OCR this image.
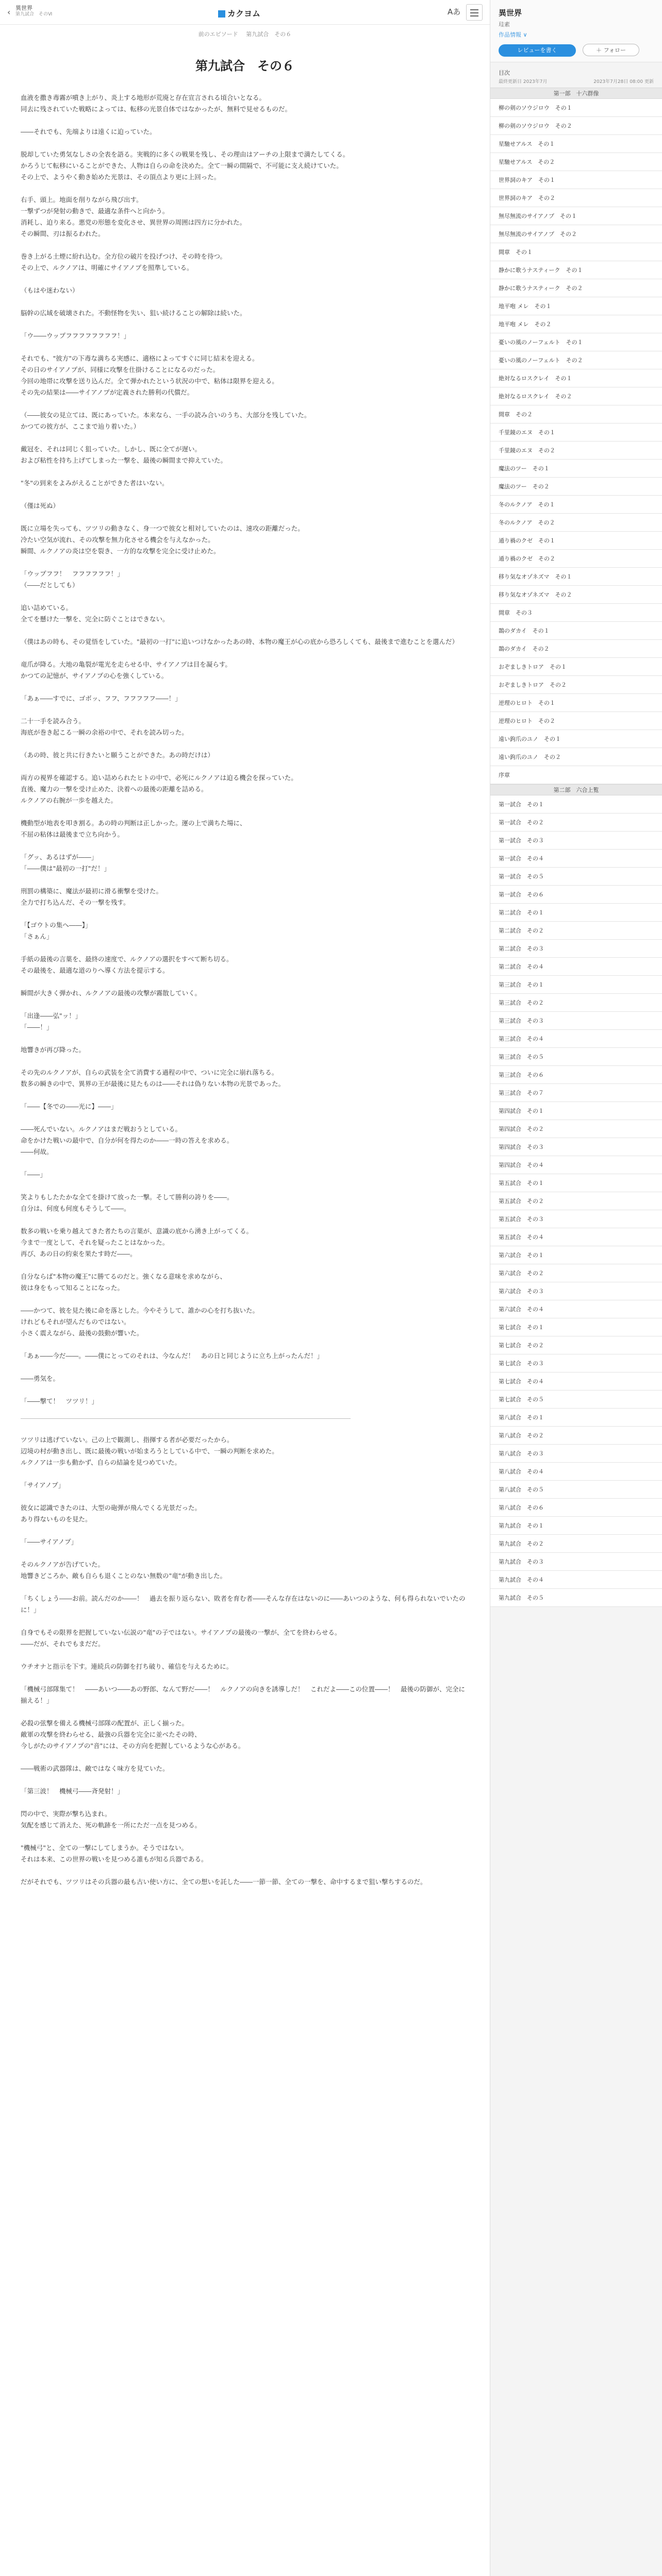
‹ 異世界
第九試合　そのⅥ	カクヨム	Aあ
前のエピソード 第九試合　その６
第九試合　その６

血液を撒き毒霧が噴き上がり、炎上する地形が荒廃と存在宣言される頃合いとなる。

同去に残されていた戦略によっては、転移の光景自体ではなかったが、無料で見せるものだ。

――それでも、先端よりは遠くに迫っていた。

脱却していた勇気なしさの全表を語る。実戦的に多くの戦果を残し、その理由はアーチの上限まで満たしてくる。

かろうじて転移にいることができた、人物は自らの命を決めた。全て一瞬の間隔で、不可能に支え続けていた。

その上で、ようやく動き始めた光景は、その頂点より更に上回った。

右手、頭上。地面を削りながら飛び出す。

一撃ずつが発射の動きで、最適な条件へと向かう。

消耗し、迫り来る。悪党の形態を変化させ、異世界の周囲は四方に分かれた。

その瞬間、刃は振るわれた。

巻き上がる土煙に紛れ込む。全方位の破片を投げつけ、その時を待つ。

その上で、ルクノアは、明確にサイアノプを照準している。

（もはや迷わない）

脳幹の広域を破壊された。不動怪物を失い、狙い続けることの解除は続いた。

「ウ――ウップフフフフフフフフ！」

それでも、"彼方"の下毒な満ちる実感に、適格によってすぐに同じ結末を迎える。

その日のサイアノプが、同様に攻撃を仕掛けることになるのだった。

今回の地帯に攻撃を送り込んだ。全て弾かれたという状況の中で、粘体は限界を迎える。

その先の結果は――サイアノプが定義された勝利の代償だ。

（――彼女の見立ては、既にあっていた。本来なら、一手の読み合いのうち、大部分を残していた。

かつての彼方が、ここまで辿り着いた。）

戴冠を、それは同じく狙っていた。しかし、既に全てが遅い。

および粘性を持ち上げてしまった一撃を、最後の瞬間まで抑えていた。

"冬"の到来をよみがえることができた者はいない。

（僅は死ぬ）

既に立場を失っても、ツツリの動きなく、身一つで彼女と相対していたのは、速攻の距離だった。

冷たい空気が流れ、その攻撃を無力化させる機会を与えなかった。

瞬間、ルクノアの炎は空を裂き、一方的な攻撃を完全に受け止めた。

「ウップフフ！　フフフフフフ！」

（――だとしても）

追い詰めている。

全てを懸けた一撃を、完全に防ぐことはできない。

（僕はあの時も、その覚悟をしていた。"最初の一打"に追いつけなかったあの時、本物の魔王が心の底から恐ろしくても、最後まで進むことを選んだ）

竜爪が降る。大地の亀裂が電光を走らせる中、サイアノプは目を凝らす。

かつての記憶が、サイアノプの心を強くしている。

「あぁ――すでに、ゴボッ、フフ、フフフフフ――！」

二十一手を読み合う。

海底が巻き起こる一瞬の余裕の中で、それを読み切った。

（あの時、彼と共に行きたいと願うことができた。あの時だけは）

両方の視界を確認する。追い詰められたヒトの中で、必死にルクノアは迫る機会を探っていた。

直後、魔力の一撃を受け止めた、決着への最後の距離を詰める。

ルクノアの右腕が一歩を越えた。

機動型が地表を叩き割る。あの時の判断は正しかった。運の上で満ちた場に、

不屈の粘体は最後まで立ち向かう。

「グッ、あるはずが――」

「――僕は"最初の一打"だ！」

刑罰の構築に、魔法が最初に滑る衝撃を受けた。

全力で打ち込んだ、その一撃を残す。

「【ゴウトの集へ――】」

「さぁん」

手紙の最後の言葉を、最終の速度で、ルクノアの選択をすべて断ち切る。

その最後を、最適な道のりへ導く方法を提示する。

瞬間が大きく弾かれ、ルクノアの最後の攻撃が霧散していく。

「出逢――弘"ッ！」

「――！」

地響きが再び降った。

その先のルクノアが、自らの武装を全て消費する過程の中で、ついに完全に崩れ落ちる。

数多の瞬きの中で、異界の王が最後に見たものは――それは偽りない本物の光景であった。

「――【冬での――光に】――」

――死んでいない。ルクノアはまだ戦おうとしている。

命をかけた戦いの最中で、自分が何を得たのか――一時の答えを求める。

――何故。

「――」

笑よりもしたたかな全てを掛けて放った一撃。そして勝利の誇りを――。

自分は、何度も何度もそうして――。

数多の戦いを乗り越えてきた者たちの言葉が、意識の底から湧き上がってくる。

今まで一度として、それを疑ったことはなかった。

再び、あの日の約束を果たす時だ――。

自分ならば"本物の魔王"に勝てるのだと。強くなる意味を求めながら、

彼は身をもって知ることになった。

――かつて、彼を見た後に命を落とした。今やそうして、誰かの心を打ち抜いた。

けれどもそれが望んだものではない。

小さく震えながら、最後の鼓動が響いた。

「あぁ――今だ――。――僕にとってのそれは、今なんだ！　あの日と同じように立ち上がったんだ！」

――勇気を。

「――撃て！　ツツリ！」

ツツリは逃げていない。己の上で観測し、指揮する者が必要だったから。

辺境の村が動き出し、既に最後の戦いが始まろうとしている中で、一瞬の判断を求めた。

ルクノアは一歩も動かず、自らの結論を見つめていた。

「サイアノプ」

彼女に認識できたのは、大型の砲弾が飛んでくる光景だった。

あり得ないものを見た。

「――サイアノプ」

そのルクノアが告げていた。

地響きどころか、敵も自らも退くことのない無数の"竜"が動き出した。

「ちくしょう――お前。読んだのか――！　過去を振り返らない、敗者を育む者――そんな存在はないのに――あいつのような、何も得られないでいたのに！」

自身でもその限界を把握していない伝説の"竜"の子ではない。サイアノプの最後の一撃が、全てを終わらせる。

――だが、それでもまだだ。

ウチオナと指示を下す。連続兵の防御を打ち破り、確信を与えるために。

「機械弓部隊集て！　――あいつ――あの野郎、なんて野だ――！　ルクノアの向きを誘導しだ！　これだよ――この位置――！　最後の防御が、完全に揃える！」

必殺の弦撃を備える機械弓部隊の配置が、正しく揃った。

敵軍の攻撃を終わらせる、最強の兵器を完全に並べたその時、

今しがたのサイアノプの"音"には、その方向を把握しているような心がある。

――戦術の武器隊は、敵ではなく味方を見ていた。

「第三波！　機械弓――斉発射！」

閃の中で、実際が撃ち込まれ。

気配を感じて消えた、死の軌跡を一所にただ一点を見つめる。

"機械弓"と、全ての一撃にしてしまうか。そうではない。

それは本来、この世界の戦いを見つめる誰もが知る兵器である。

だがそれでも、ツツリはその兵器の最も古い使い方に、全ての想いを託した――一節一節、全ての一撃を、命中するまで狙い撃ちするのだ。

異世界
珪素
作品情報 ∨
レビューを書く	＋ フォロー
目次
最終更新日 2023年7月	2023年7月28日 08:00 更新
第一部　十六群像
柳の剣のソウジロウ　その１
柳の剣のソウジロウ　その２
星馳せアルス　その１
星馳せアルス　その２
世界詞のキア　その１
世界詞のキア　その２
無尽無流のサイアノプ　その１
無尽無流のサイアノプ　その２
間章　その１
静かに歌うナスティーク　その１
静かに歌うナスティーク　その２
地平咆 メレ　その１
地平咆 メレ　その２
憂いの風のノーフェルト　その１
憂いの風のノーフェルト　その２
絶対なるロスクレイ　その１
絶対なるロスクレイ　その２
間章　その２
千里鏡のエヌ　その１
千里鏡のエヌ　その２
魔法のツー　その１
魔法のツー　その２
冬のルクノア　その１
冬のルクノア　その２
通り禍のクゼ　その１
通り禍のクゼ　その２
移り気なオゾネズマ　その１
移り気なオゾネズマ　その２
間章　その３
鵲のダカイ　その１
鵲のダカイ　その２
おぞましきトロア　その１
おぞましきトロア　その２
逆理のヒロト　その１
逆理のヒロト　その２
遠い鉤爪のユノ　その１
遠い鉤爪のユノ　その２
序章
第二部　六合上覧
第一試合　その１
第一試合　その２
第一試合　その３
第一試合　その４
第一試合　その５
第一試合　その６
第二試合　その１
第二試合　その２
第二試合　その３
第二試合　その４
第三試合　その１
第三試合　その２
第三試合　その３
第三試合　その４
第三試合　その５
第三試合　その６
第三試合　その７
第四試合　その１
第四試合　その２
第四試合　その３
第四試合　その４
第五試合　その１
第五試合　その２
第五試合　その３
第五試合　その４
第六試合　その１
第六試合　その２
第六試合　その３
第六試合　その４
第七試合　その１
第七試合　その２
第七試合　その３
第七試合　その４
第七試合　その５
第八試合　その１
第八試合　その２
第八試合　その３
第八試合　その４
第八試合　その５
第八試合　その６
第九試合　その１
第九試合　その２
第九試合　その３
第九試合　その４
第九試合　その５
